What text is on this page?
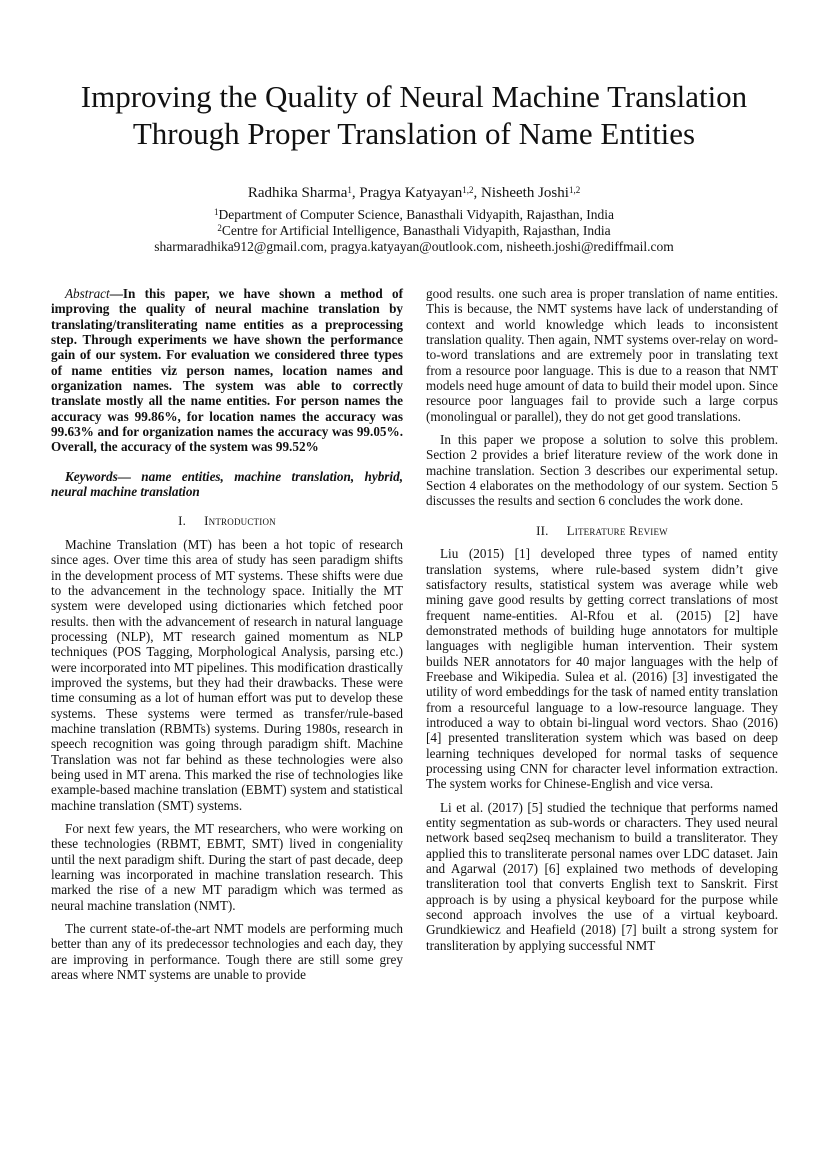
Improving the Quality of Neural Machine Translation
Through Proper Translation of Name Entities
Radhika Sharma$^1$, Pragya Katyayan$^{1,2}$, Nisheeth Joshi$^{1,2}$
$^1$Department of Computer Science, Banasthali Vidyapith, Rajasthan, India
$^2$Centre for Artificial Intelligence, Banasthali Vidyapith, Rajasthan, India
sharmaradhika912@gmail.com, pragya.katyayan@outlook.com, nisheeth.joshi@rediffmail.com

Abstract—In this paper, we have shown a method of improving the quality of neural machine translation by translating/transliterating name entities as a preprocessing step. Through experiments we have shown the performance gain of our system. For evaluation we considered three types of name entities viz person names, location names and organization names. The system was able to correctly translate mostly all the name entities. For person names the accuracy was 99.86%, for location names the accuracy was 99.63% and for organization names the accuracy was 99.05%. Overall, the accuracy of the system was 99.52%

Keywords— name entities, machine translation, hybrid, neural machine translation

I. Introduction

Machine Translation (MT) has been a hot topic of research since ages. Over time this area of study has seen paradigm shifts in the development process of MT systems. These shifts were due to the advancement in the technology space. Initially the MT system were developed using dictionaries which fetched poor results. then with the advancement of research in natural language processing (NLP), MT research gained momentum as NLP techniques (POS Tagging, Morphological Analysis, parsing etc.) were incorporated into MT pipelines. This modification drastically improved the systems, but they had their drawbacks. These were time consuming as a lot of human effort was put to develop these systems. These systems were termed as transfer/rule-based machine translation (RBMTs) systems. During 1980s, research in speech recognition was going through paradigm shift. Machine Translation was not far behind as these technologies were also being used in MT arena. This marked the rise of technologies like example-based machine translation (EBMT) system and statistical machine translation (SMT) systems.

For next few years, the MT researchers, who were working on these technologies (RBMT, EBMT, SMT) lived in congeniality until the next paradigm shift. During the start of past decade, deep learning was incorporated in machine translation research. This marked the rise of a new MT paradigm which was termed as neural machine translation (NMT).

The current state-of-the-art NMT models are performing much better than any of its predecessor technologies and each day, they are improving in performance. Tough there are still some grey areas where NMT systems are unable to provide

good results. one such area is proper translation of name entities. This is because, the NMT systems have lack of understanding of context and world knowledge which leads to inconsistent translation quality. Then again, NMT systems over-relay on word-to-word translations and are extremely poor in translating text from a resource poor language. This is due to a reason that NMT models need huge amount of data to build their model upon. Since resource poor languages fail to provide such a large corpus (monolingual or parallel), they do not get good translations.

In this paper we propose a solution to solve this problem. Section 2 provides a brief literature review of the work done in machine translation. Section 3 describes our experimental setup. Section 4 elaborates on the methodology of our system. Section 5 discusses the results and section 6 concludes the work done.

II. Literature Review

Liu (2015) [1] developed three types of named entity translation systems, where rule-based system didn’t give satisfactory results, statistical system was average while web mining gave good results by getting correct translations of most frequent name-entities. Al-Rfou et al. (2015) [2] have demonstrated methods of building huge annotators for multiple languages with negligible human intervention. Their system builds NER annotators for 40 major languages with the help of Freebase and Wikipedia. Sulea et al. (2016) [3] investigated the utility of word embeddings for the task of named entity translation from a resourceful language to a low-resource language. They introduced a way to obtain bi-lingual word vectors. Shao (2016) [4] presented transliteration system which was based on deep learning techniques developed for normal tasks of sequence processing using CNN for character level information extraction. The system works for Chinese-English and vice versa.

Li et al. (2017) [5] studied the technique that performs named entity segmentation as sub-words or characters. They used neural network based seq2seq mechanism to build a transliterator. They applied this to transliterate personal names over LDC dataset. Jain and Agarwal (2017) [6] explained two methods of developing transliteration tool that converts English text to Sanskrit. First approach is by using a physical keyboard for the purpose while second approach involves the use of a virtual keyboard. Grundkiewicz and Heafield (2018) [7] built a strong system for transliteration by applying successful NMT
